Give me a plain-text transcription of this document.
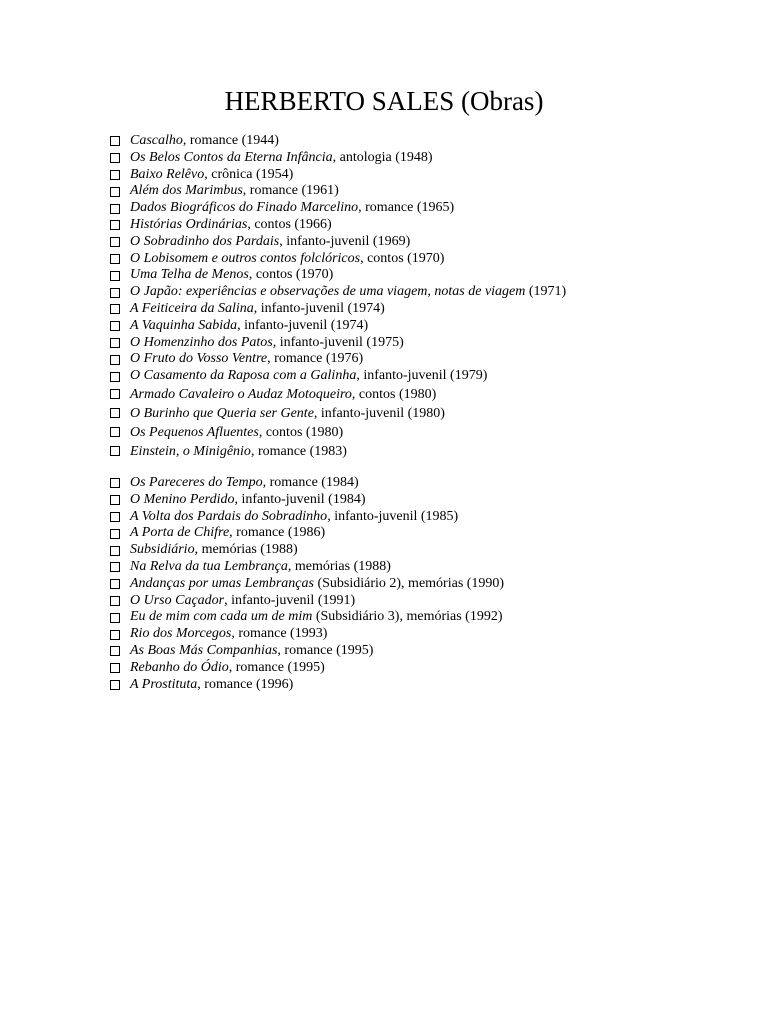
HERBERTO SALES (Obras)
Cascalho, romance (1944)
Os Belos Contos da Eterna Infância, antologia (1948)
Baixo Relêvo, crônica (1954)
Além dos Marimbus, romance (1961)
Dados Biográficos do Finado Marcelino, romance (1965)
Histórias Ordinárias, contos (1966)
O Sobradinho dos Pardais, infanto-juvenil (1969)
O Lobisomem e outros contos folclóricos, contos (1970)
Uma Telha de Menos, contos (1970)
O Japão: experiências e observações de uma viagem, notas de viagem (1971)
A Feiticeira da Salina, infanto-juvenil (1974)
A Vaquinha Sabida, infanto-juvenil (1974)
O Homenzinho dos Patos, infanto-juvenil (1975)
O Fruto do Vosso Ventre, romance (1976)
O Casamento da Raposa com a Galinha, infanto-juvenil (1979)
Armado Cavaleiro o Audaz Motoqueiro, contos (1980)
O Burinho que Queria ser Gente, infanto-juvenil (1980)
Os Pequenos Afluentes, contos (1980)
Einstein, o Minigênio, romance (1983)
Os Pareceres do Tempo, romance (1984)
O Menino Perdido, infanto-juvenil (1984)
A Volta dos Pardais do Sobradinho, infanto-juvenil (1985)
A Porta de Chifre, romance (1986)
Subsidiário, memórias (1988)
Na Relva da tua Lembrança, memórias (1988)
Andanças por umas Lembranças (Subsidiário 2), memórias (1990)
O Urso Caçador, infanto-juvenil (1991)
Eu de mim com cada um de mim (Subsidiário 3), memórias (1992)
Rio dos Morcegos, romance (1993)
As Boas Más Companhias, romance (1995)
Rebanho do Ódio, romance (1995)
A Prostituta, romance (1996)
